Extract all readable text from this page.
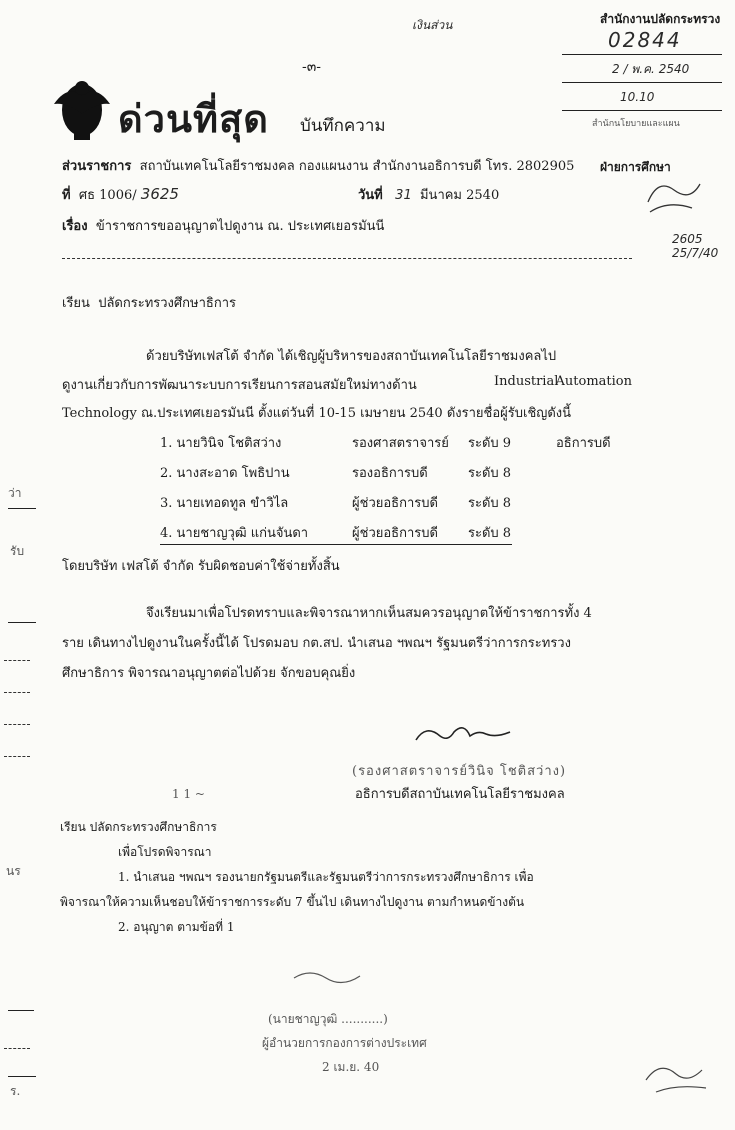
เงินส่วน
-๓-
สำนักงานปลัดกระทรวง
02844
2 / พ.ค. 2540
10.10
สำนักนโยบายและแผน
ฝ่ายการศึกษา
2605 25/7/40
ด่วนที่สุด บันทึกความ
ส่วนราชการ สถาบันเทคโนโลยีราชมงคล กองแผนงาน สำนักงานอธิการบดี โทร. 2802905
ที่ ศธ 1006/ 3625	วันที่ 31 มีนาคม 2540
เรื่อง ข้าราชการขออนุญาตไปดูงาน ณ. ประเทศเยอรมันนี
เรียน ปลัดกระทรวงศึกษาธิการ
ด้วยบริษัทเฟสโต้ จำกัด ได้เชิญผู้บริหารของสถาบันเทคโนโลยีราชมงคลไป
ดูงานเกี่ยวกับการพัฒนาระบบการเรียนการสอนสมัยใหม่ทางด้าน	Industrial
Automation
Technology ณ.ประเทศเยอรมันนี ตั้งแต่วันที่ 10-15 เมษายน 2540 ดังรายชื่อผู้รับเชิญดังนี้
1. นายวินิจ โชติสว่าง	รองศาสตราจารย์ ระดับ 9	อธิการบดี
2. นางสะอาด โพธิปาน	รองอธิการบดี	ระดับ 8
3. นายเทอดทูล ขำวิไล	ผู้ช่วยอธิการบดี ระดับ 8
4. นายชาญวุฒิ แก่นจันดา	ผู้ช่วยอธิการบดี ระดับ 8
โดยบริษัท เฟสโต้ จำกัด รับผิดชอบค่าใช้จ่ายทั้งสิ้น
จึงเรียนมาเพื่อโปรดทราบและพิจารณาหากเห็นสมควรอนุญาตให้ข้าราชการทั้ง 4
ราย เดินทางไปดูงานในครั้งนี้ได้ โปรดมอบ กต.สป. นำเสนอ ฯพณฯ รัฐมนตรีว่าการกระทรวง
ศึกษาธิการ พิจารณาอนุญาตต่อไปด้วย จักขอบคุณยิ่ง
(รองศาสตราจารย์วินิจ โชติสว่าง)
อธิการบดีสถาบันเทคโนโลยีราชมงคล
1 1 ~
เรียน ปลัดกระทรวงศึกษาธิการ
เพื่อโปรดพิจารณา
1. นำเสนอ ฯพณฯ รองนายกรัฐมนตรีและรัฐมนตรีว่าการกระทรวงศึกษาธิการ เพื่อ
พิจารณาให้ความเห็นชอบให้ข้าราชการระดับ 7 ขึ้นไป เดินทางไปดูงาน ตามกำหนดข้างต้น
2. อนุญาต ตามข้อที่ 1
(นายชาญวุฒิ ...........)
ผู้อำนวยการกองการต่างประเทศ
2 เม.ย. 40
ว่า
รับ
นร
ร.
